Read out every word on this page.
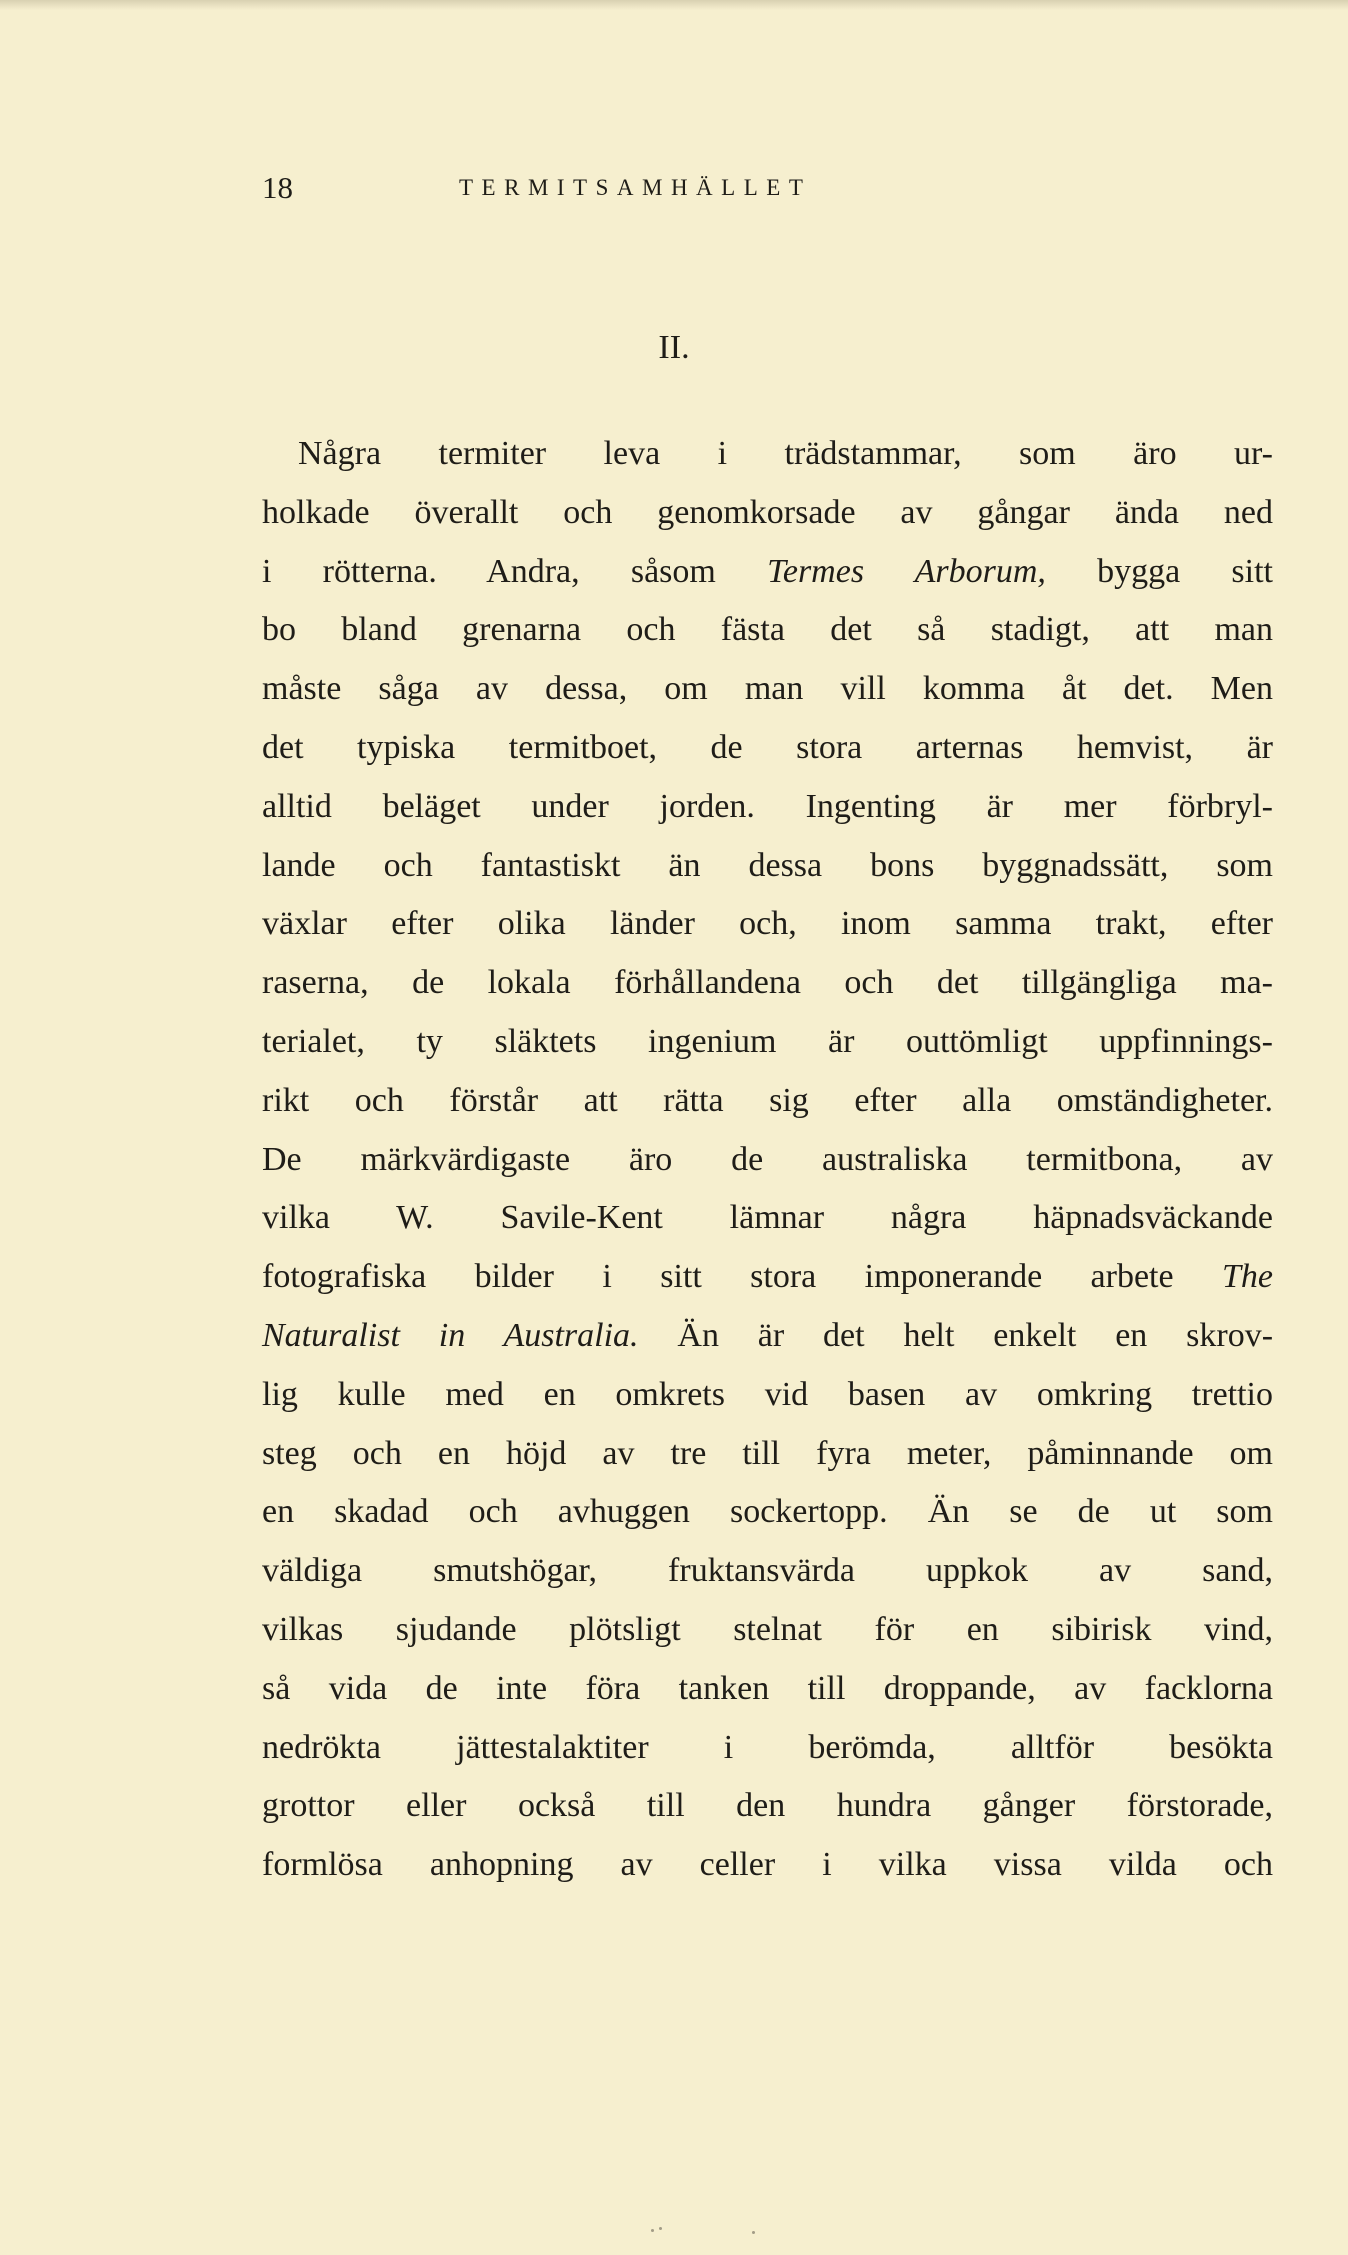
18	TERMITSAMHÄLLET
II.
Några termiter leva i trädstammar, som äro ur-
holkade överallt och genomkorsade av gångar ända ned
i rötterna. Andra, såsom Termes Arborum, bygga sitt
bo bland grenarna och fästa det så stadigt, att man
måste såga av dessa, om man vill komma åt det. Men
det typiska termitboet, de stora arternas hemvist, är
alltid beläget under jorden. Ingenting är mer förbryl-
lande och fantastiskt än dessa bons byggnadssätt, som
växlar efter olika länder och, inom samma trakt, efter
raserna, de lokala förhållandena och det tillgängliga ma-
terialet, ty släktets ingenium är outtömligt uppfinnings-
rikt och förstår att rätta sig efter alla omständigheter.
De märkvärdigaste äro de australiska termitbona, av
vilka W. Savile-Kent lämnar några häpnadsväckande
fotografiska bilder i sitt stora imponerande arbete The
Naturalist in Australia. Än är det helt enkelt en skrov-
lig kulle med en omkrets vid basen av omkring trettio
steg och en höjd av tre till fyra meter, påminnande om
en skadad och avhuggen sockertopp. Än se de ut som
väldiga smutshögar, fruktansvärda uppkok av sand,
vilkas sjudande plötsligt stelnat för en sibirisk vind,
så vida de inte föra tanken till droppande, av facklorna
nedrökta jättestalaktiter i berömda, alltför besökta
grottor eller också till den hundra gånger förstorade,
formlösa anhopning av celler i vilka vissa vilda och
